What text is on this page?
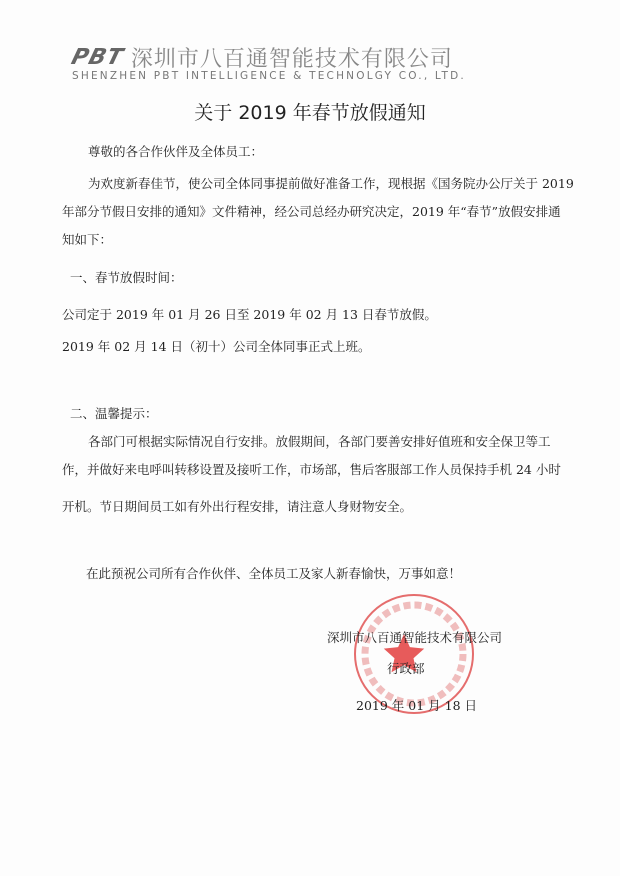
PBT 深圳市八百通智能技术有限公司
SHENZHEN PBT INTELLIGENCE & TECHNOLGY CO., LTD.
关于 2019 年春节放假通知
尊敬的各合作伙伴及全体员工：
为欢度新春佳节，使公司全体同事提前做好准备工作，现根据《国务院办公厅关于 2019
年部分节假日安排的通知》文件精神，经公司总经办研究决定，2019 年“春节”放假安排通
知如下：
一、春节放假时间：
公司定于 2019 年 01 月 26 日至 2019 年 02 月 13 日春节放假。
2019 年 02 月 14 日（初十）公司全体同事正式上班。
二、温馨提示：
各部门可根据实际情况自行安排。放假期间，各部门要善安排好值班和安全保卫等工
作，并做好来电呼叫转移设置及接听工作，市场部，售后客服部工作人员保持手机 24 小时
开机。节日期间员工如有外出行程安排，请注意人身财物安全。
在此预祝公司所有合作伙伴、全体员工及家人新春愉快，万事如意！
深圳市八百通智能技术有限公司
行政部
2019 年 01 月 18 日
